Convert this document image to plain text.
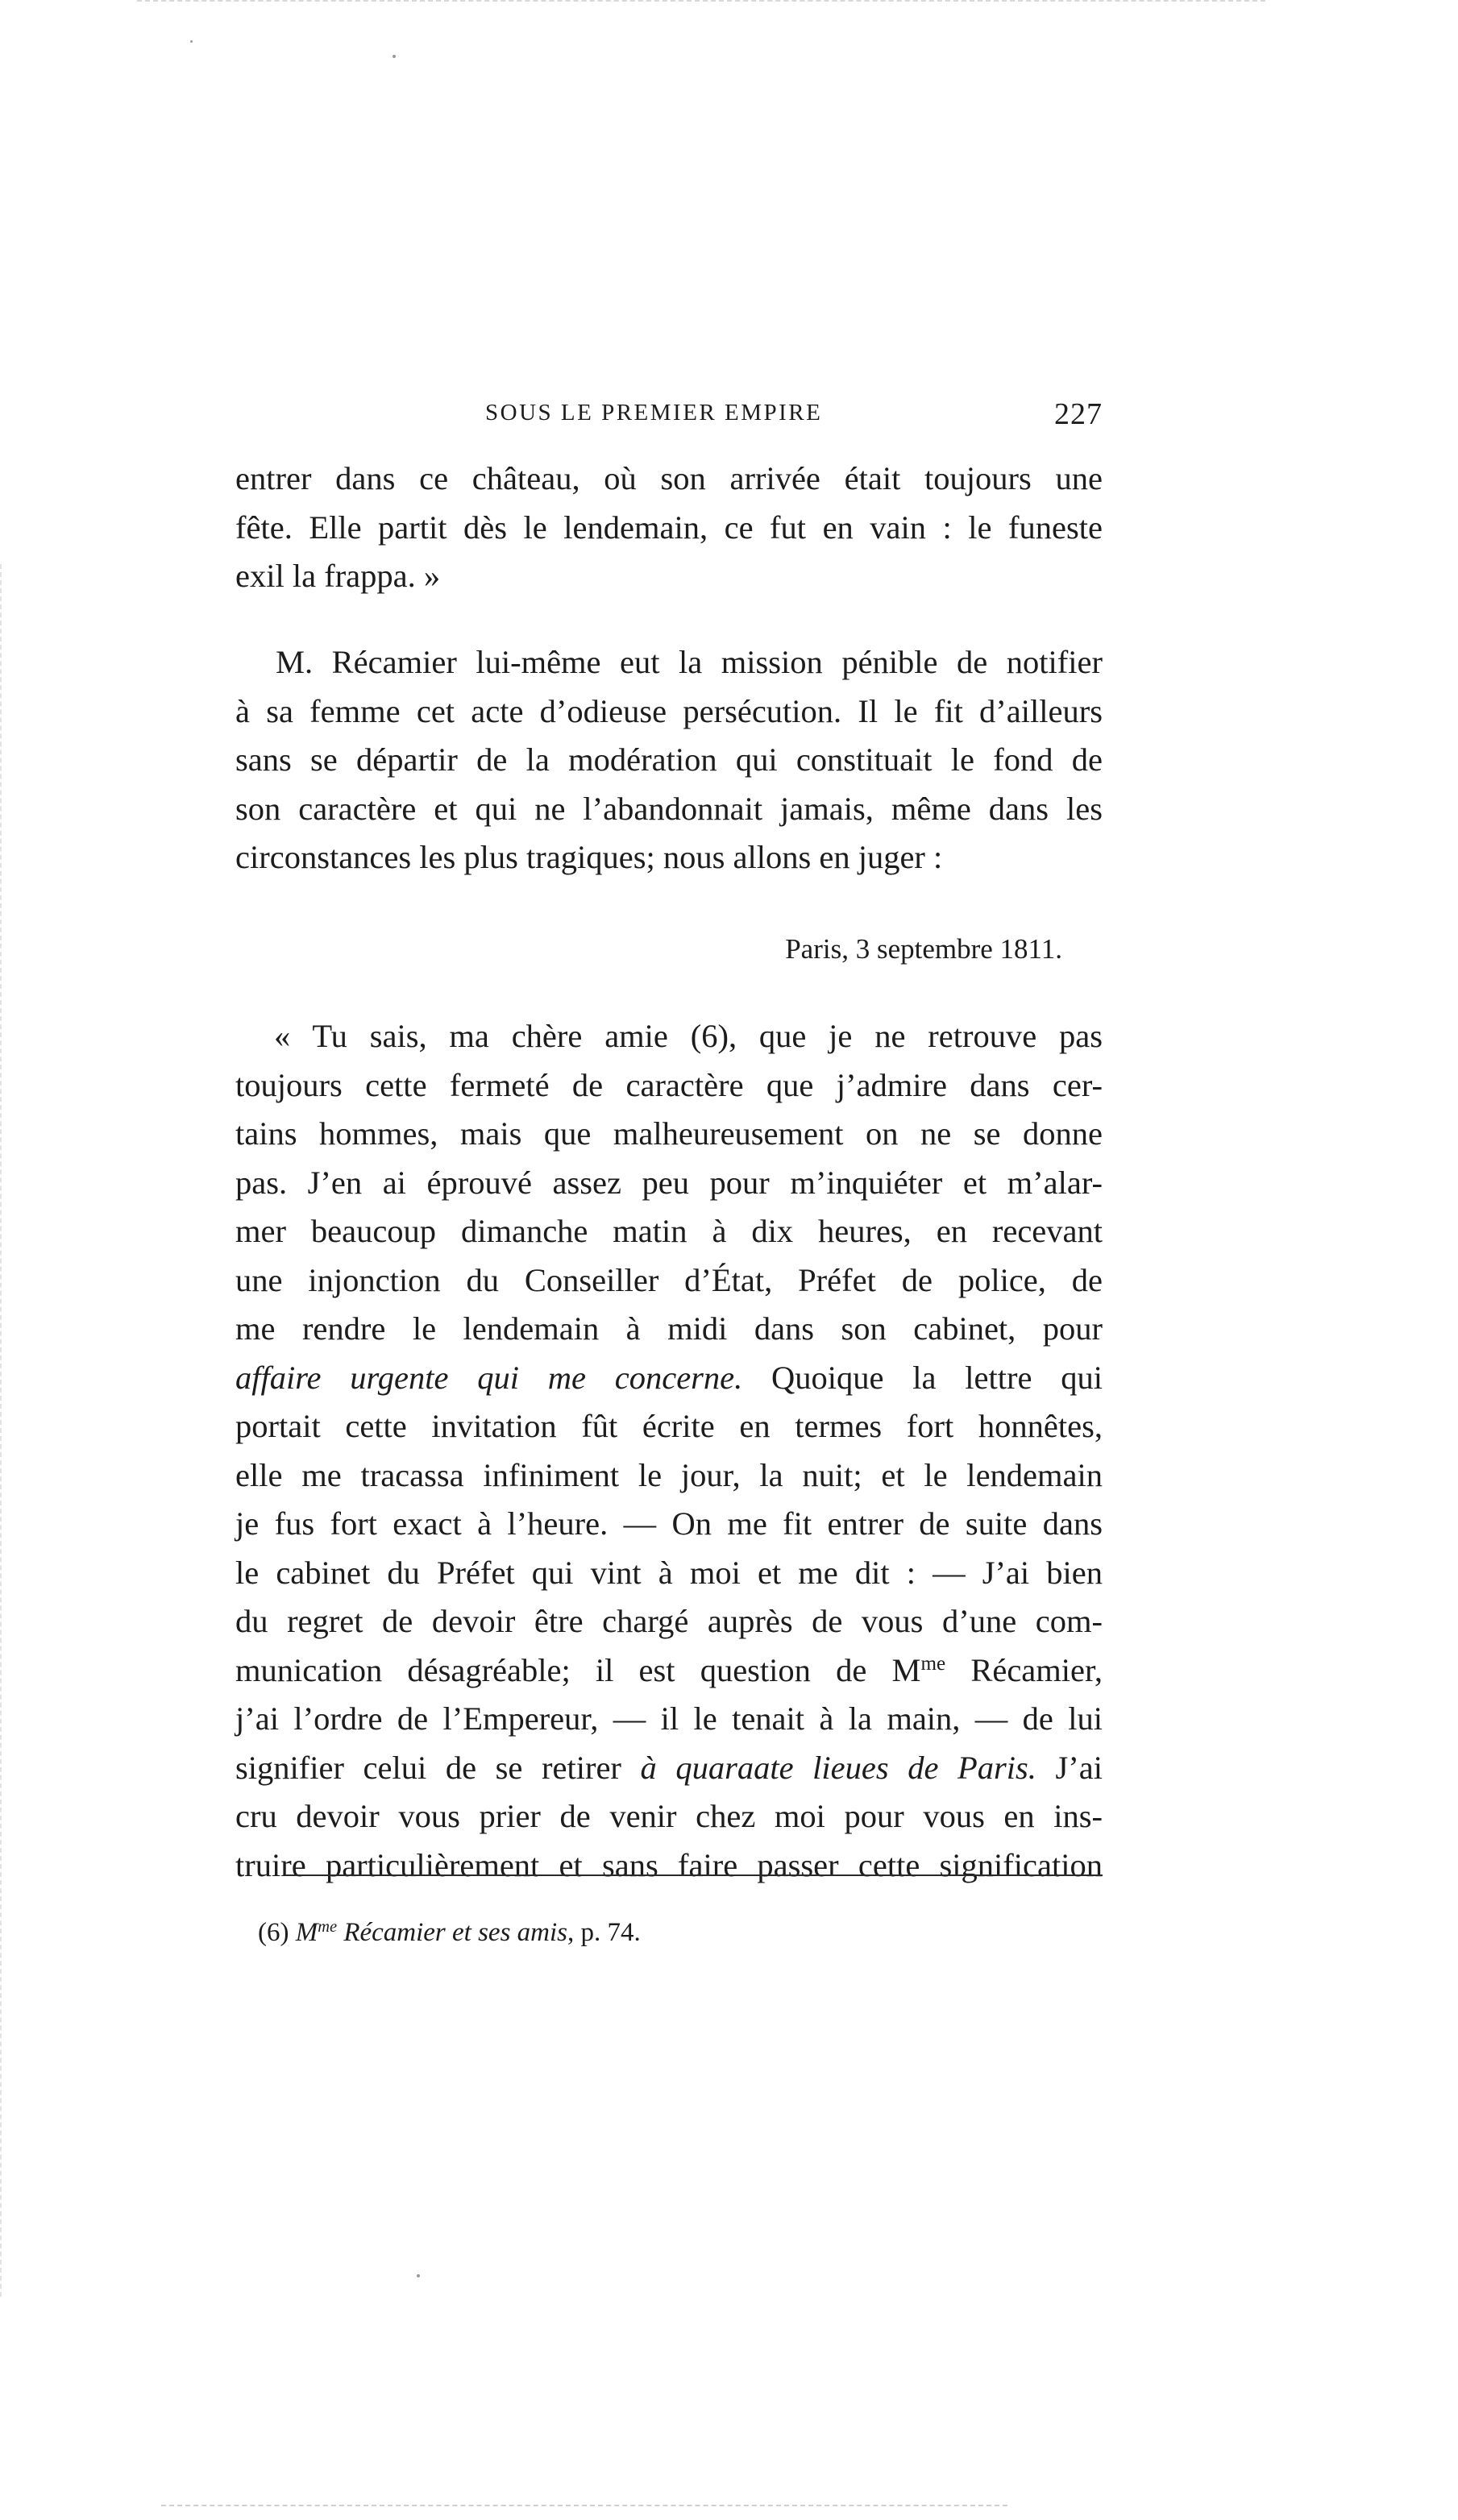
SOUS LE PREMIER EMPIRE	227
entrer dans ce château, où son arrivée était toujours une
fête. Elle partit dès le lendemain, ce fut en vain : le funeste
exil la frappa. »
M. Récamier lui-même eut la mission pénible de notifier
à sa femme cet acte d’odieuse persécution. Il le fit d’ailleurs
sans se départir de la modération qui constituait le fond de
son caractère et qui ne l’abandonnait jamais, même dans les
circonstances les plus tragiques; nous allons en juger :
Paris, 3 septembre 1811.
« Tu sais, ma chère amie (6), que je ne retrouve pas
toujours cette fermeté de caractère que j’admire dans cer-
tains hommes, mais que malheureusement on ne se donne
pas. J’en ai éprouvé assez peu pour m’inquiéter et m’alar-
mer beaucoup dimanche matin à dix heures, en recevant
une injonction du Conseiller d’État, Préfet de police, de
me rendre le lendemain à midi dans son cabinet, pour
affaire urgente qui me concerne. Quoique la lettre qui
portait cette invitation fût écrite en termes fort honnêtes,
elle me tracassa infiniment le jour, la nuit; et le lendemain
je fus fort exact à l’heure. — On me fit entrer de suite dans
le cabinet du Préfet qui vint à moi et me dit : — J’ai bien
du regret de devoir être chargé auprès de vous d’une com-
munication désagréable; il est question de $M^{me}$ Récamier,
j’ai l’ordre de l’Empereur, — il le tenait à la main, — de lui
signifier celui de se retirer à quaraate lieues de Paris. J’ai
cru devoir vous prier de venir chez moi pour vous en ins-
truire particulièrement et sans faire passer cette signification
(6) $M^{me}$ Récamier et ses amis, p. 74.
